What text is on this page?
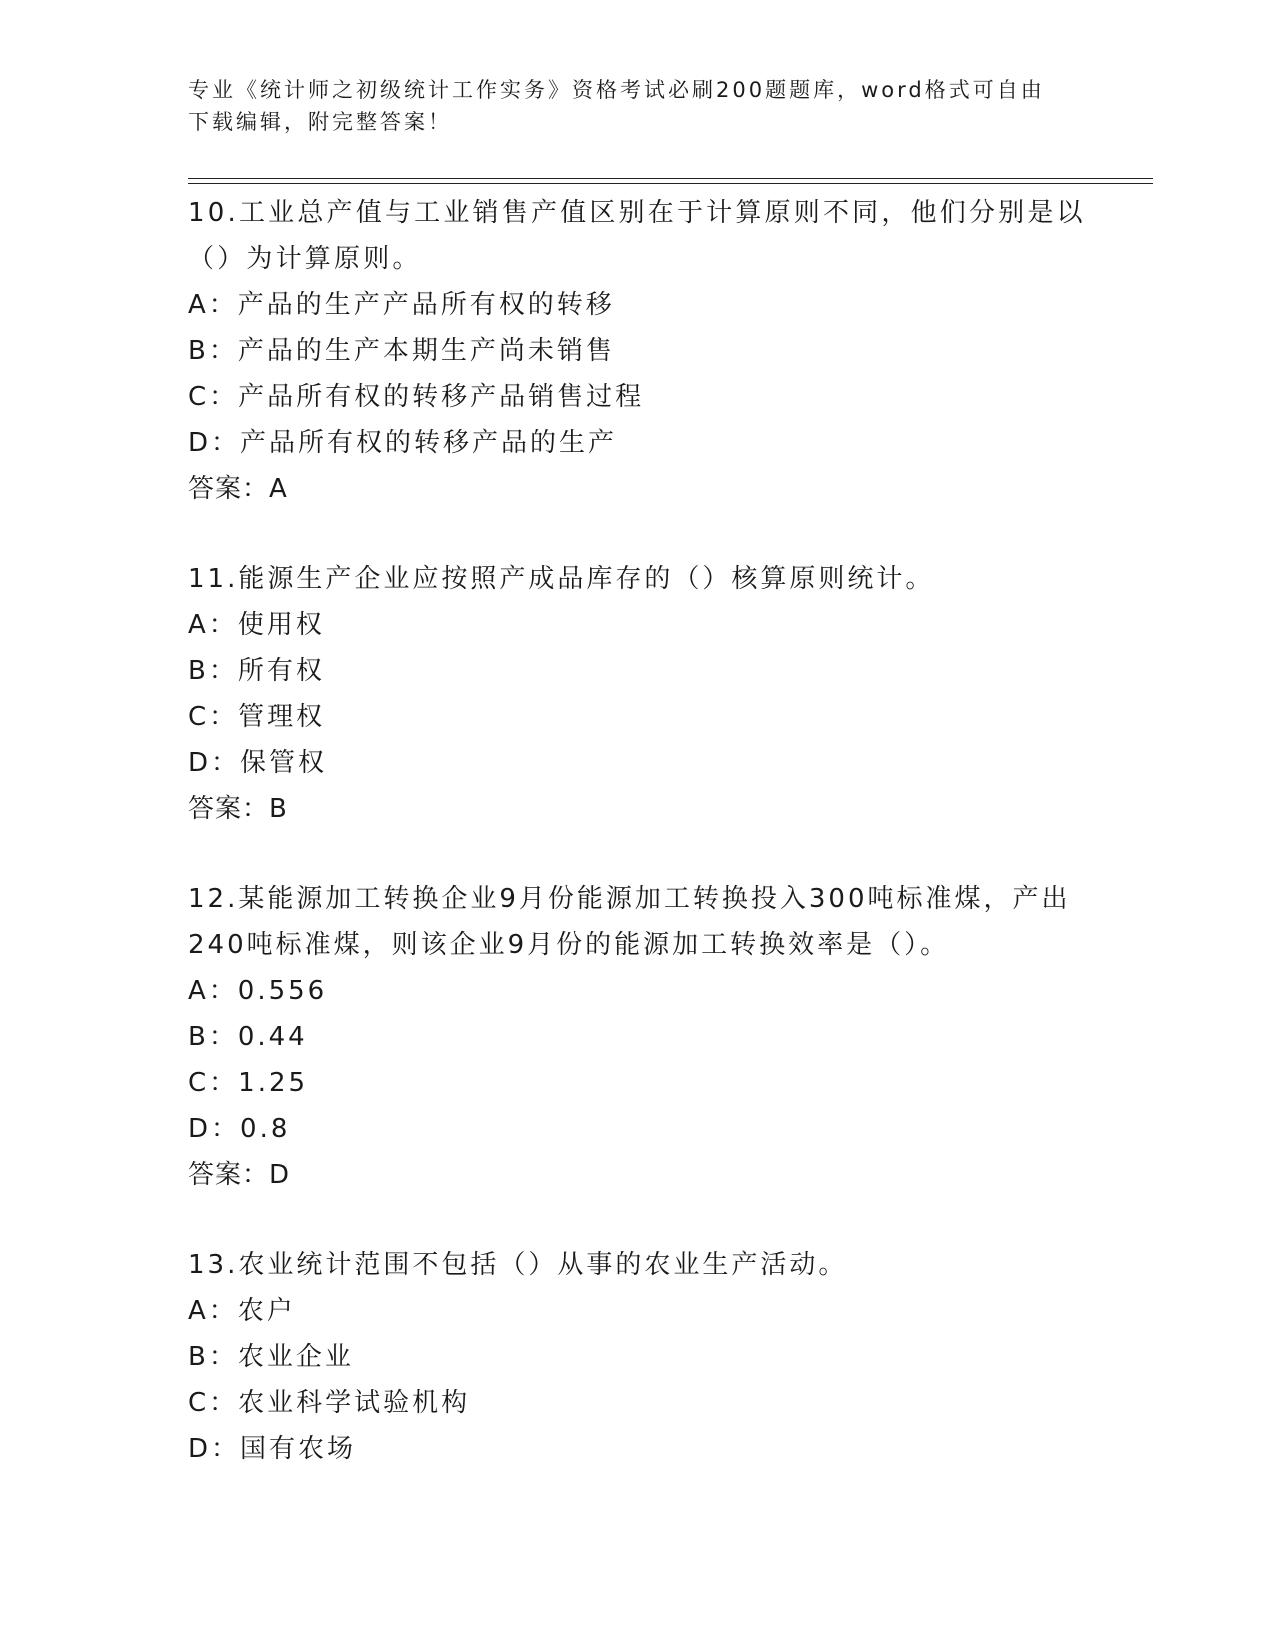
专业《统计师之初级统计工作实务》资格考试必刷200题题库，word格式可自由
下载编辑，附完整答案！

10.工业总产值与工业销售产值区别在于计算原则不同，他们分别是以（）为计算原则。

A：产品的生产产品所有权的转移
B：产品的生产本期生产尚未销售
C：产品所有权的转移产品销售过程
D：产品所有权的转移产品的生产
答案：A

11.能源生产企业应按照产成品库存的（）核算原则统计。

A：使用权
B：所有权
C：管理权
D：保管权
答案：B

12.某能源加工转换企业9月份能源加工转换投入300吨标准煤，产出240吨标准煤，则该企业9月份的能源加工转换效率是（）。

A：0.556
B：0.44
C：1.25
D：0.8
答案：D

13.农业统计范围不包括（）从事的农业生产活动。

A：农户
B：农业企业
C：农业科学试验机构
D：国有农场
